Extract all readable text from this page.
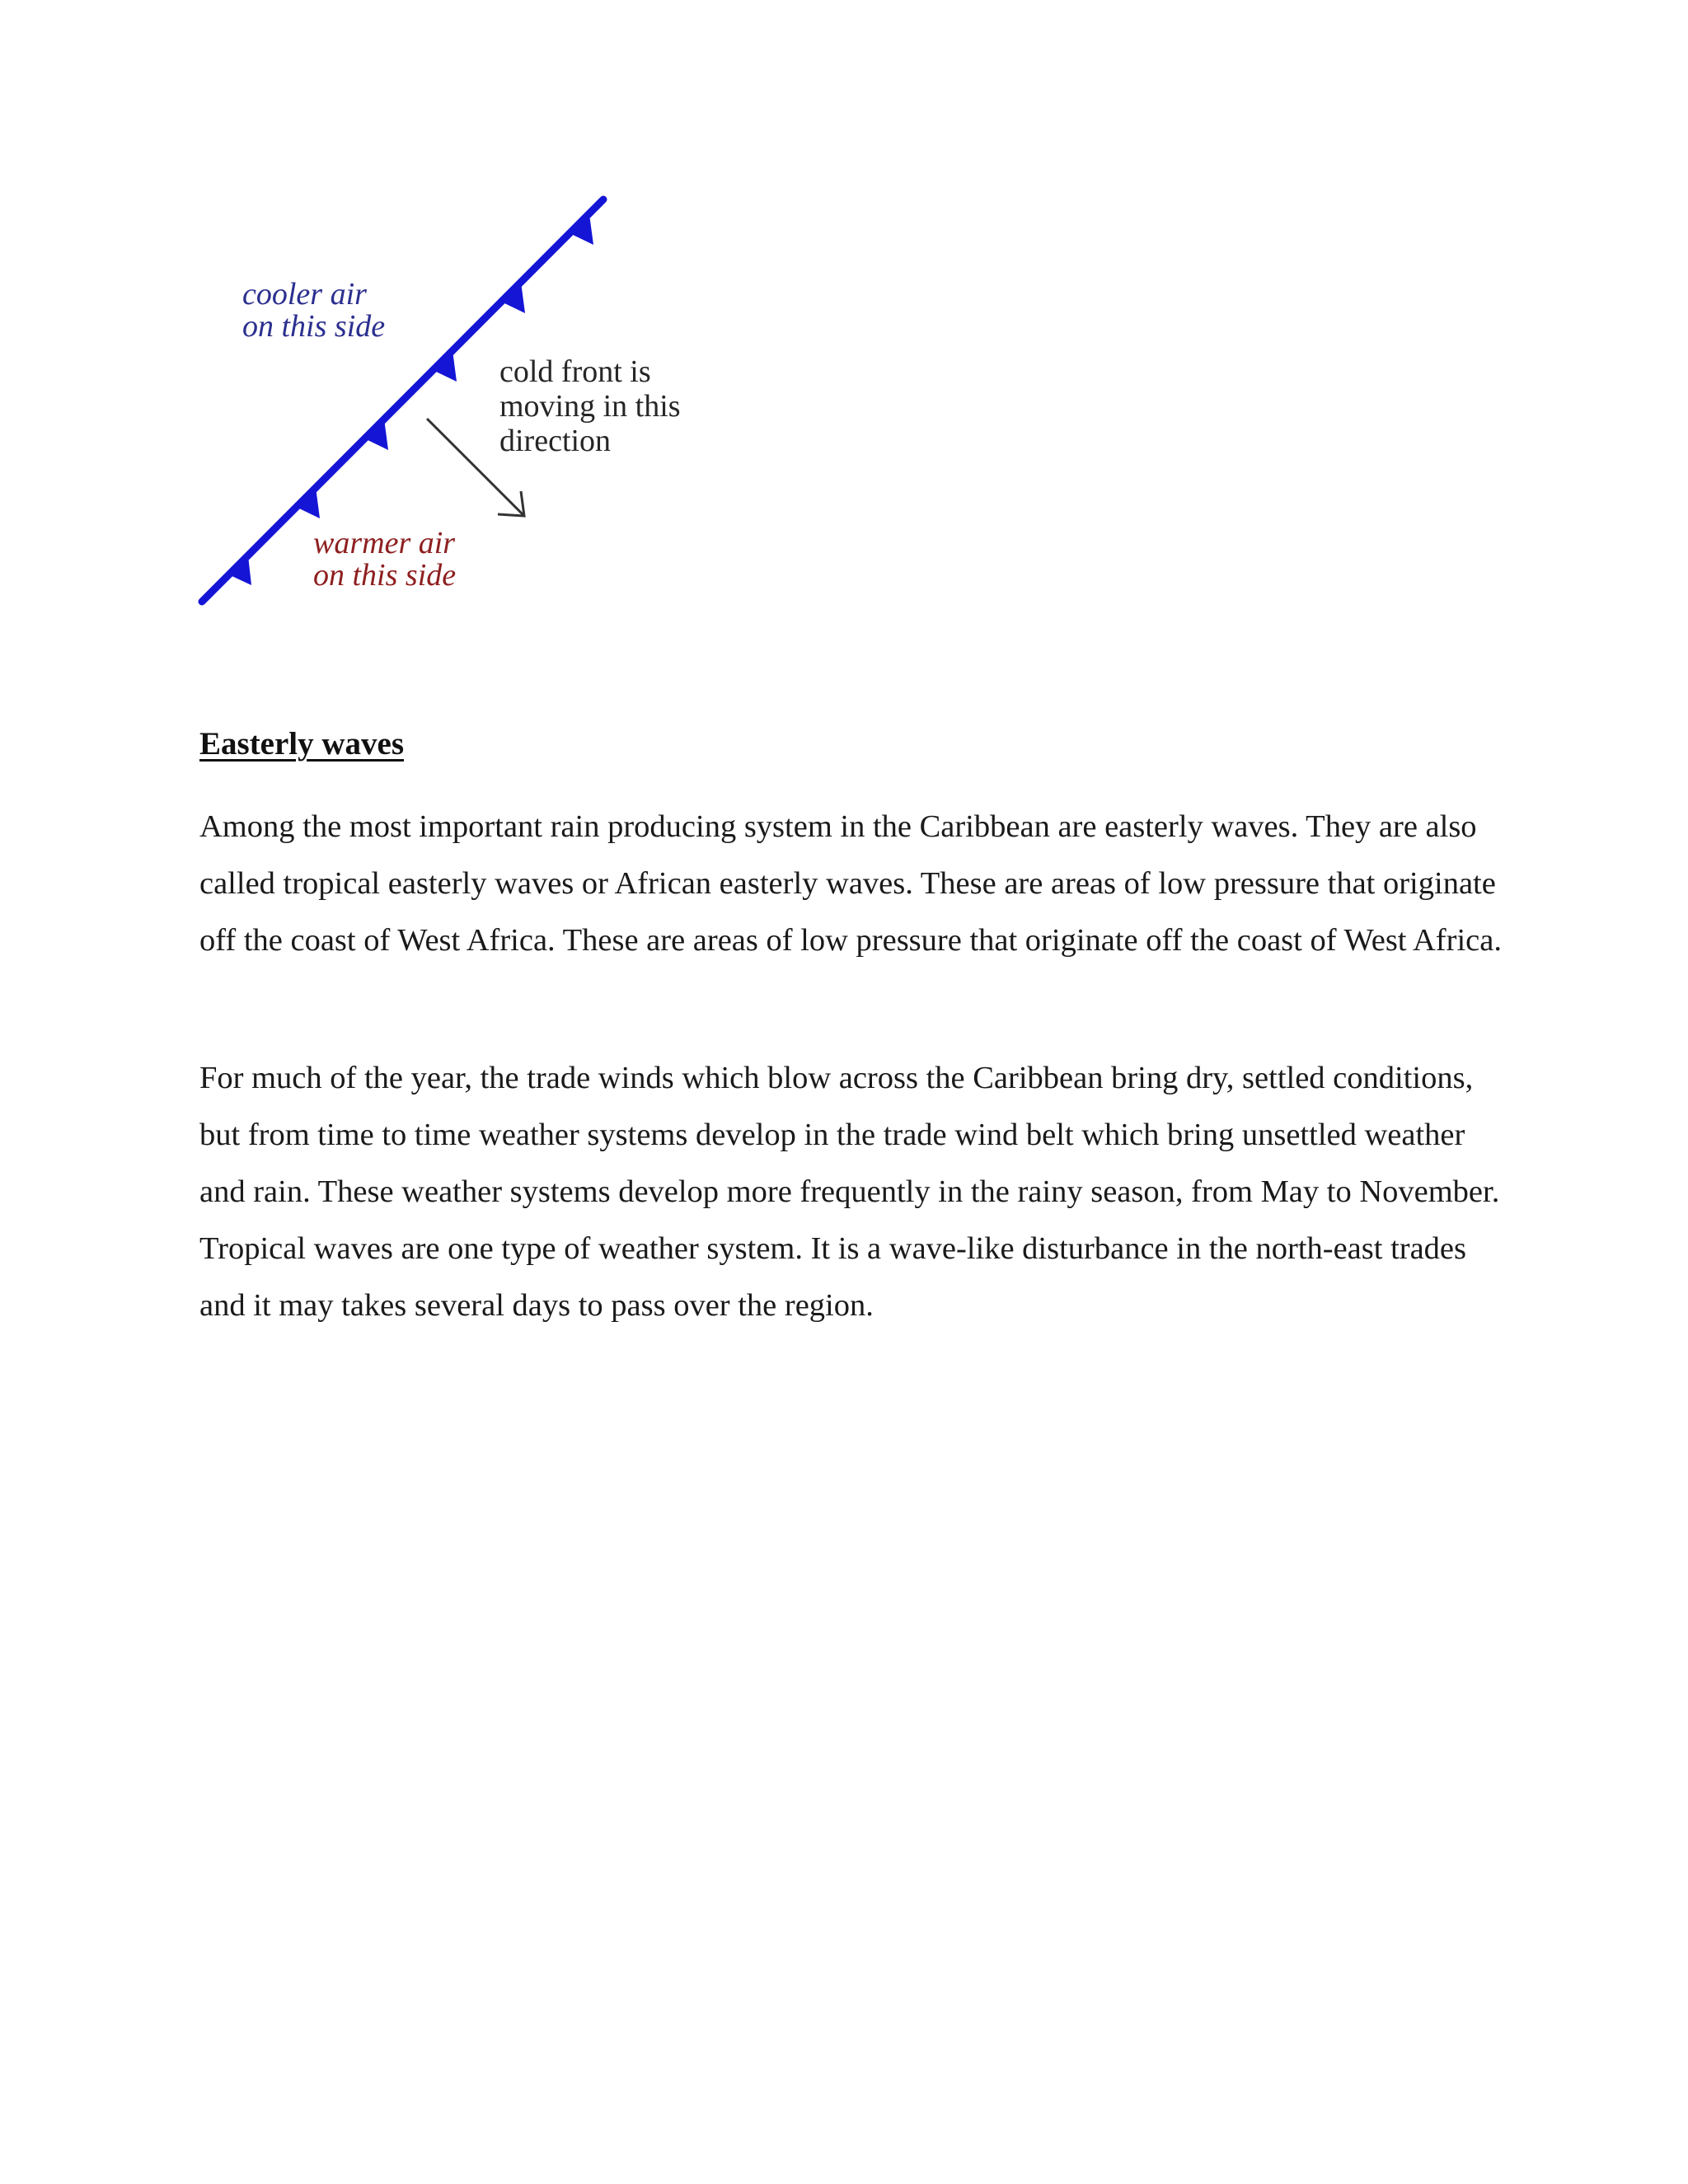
cooler air
on this side
cold front is
moving in this
direction
warmer air
on this side
Easterly waves

Among the most important rain producing system in the Caribbean are easterly waves. They are also called tropical easterly waves or African easterly waves. These are areas of low pressure that originate off the coast of West Africa. These are areas of low pressure that originate off the coast of West Africa.

For much of the year, the trade winds which blow across the Caribbean bring dry, settled conditions, but from time to time weather systems develop in the trade wind belt which bring unsettled weather and rain. These weather systems develop more frequently in the rainy season, from May to November. Tropical waves are one type of weather system. It is a wave-like disturbance in the north-east trades and it may takes several days to pass over the region.
